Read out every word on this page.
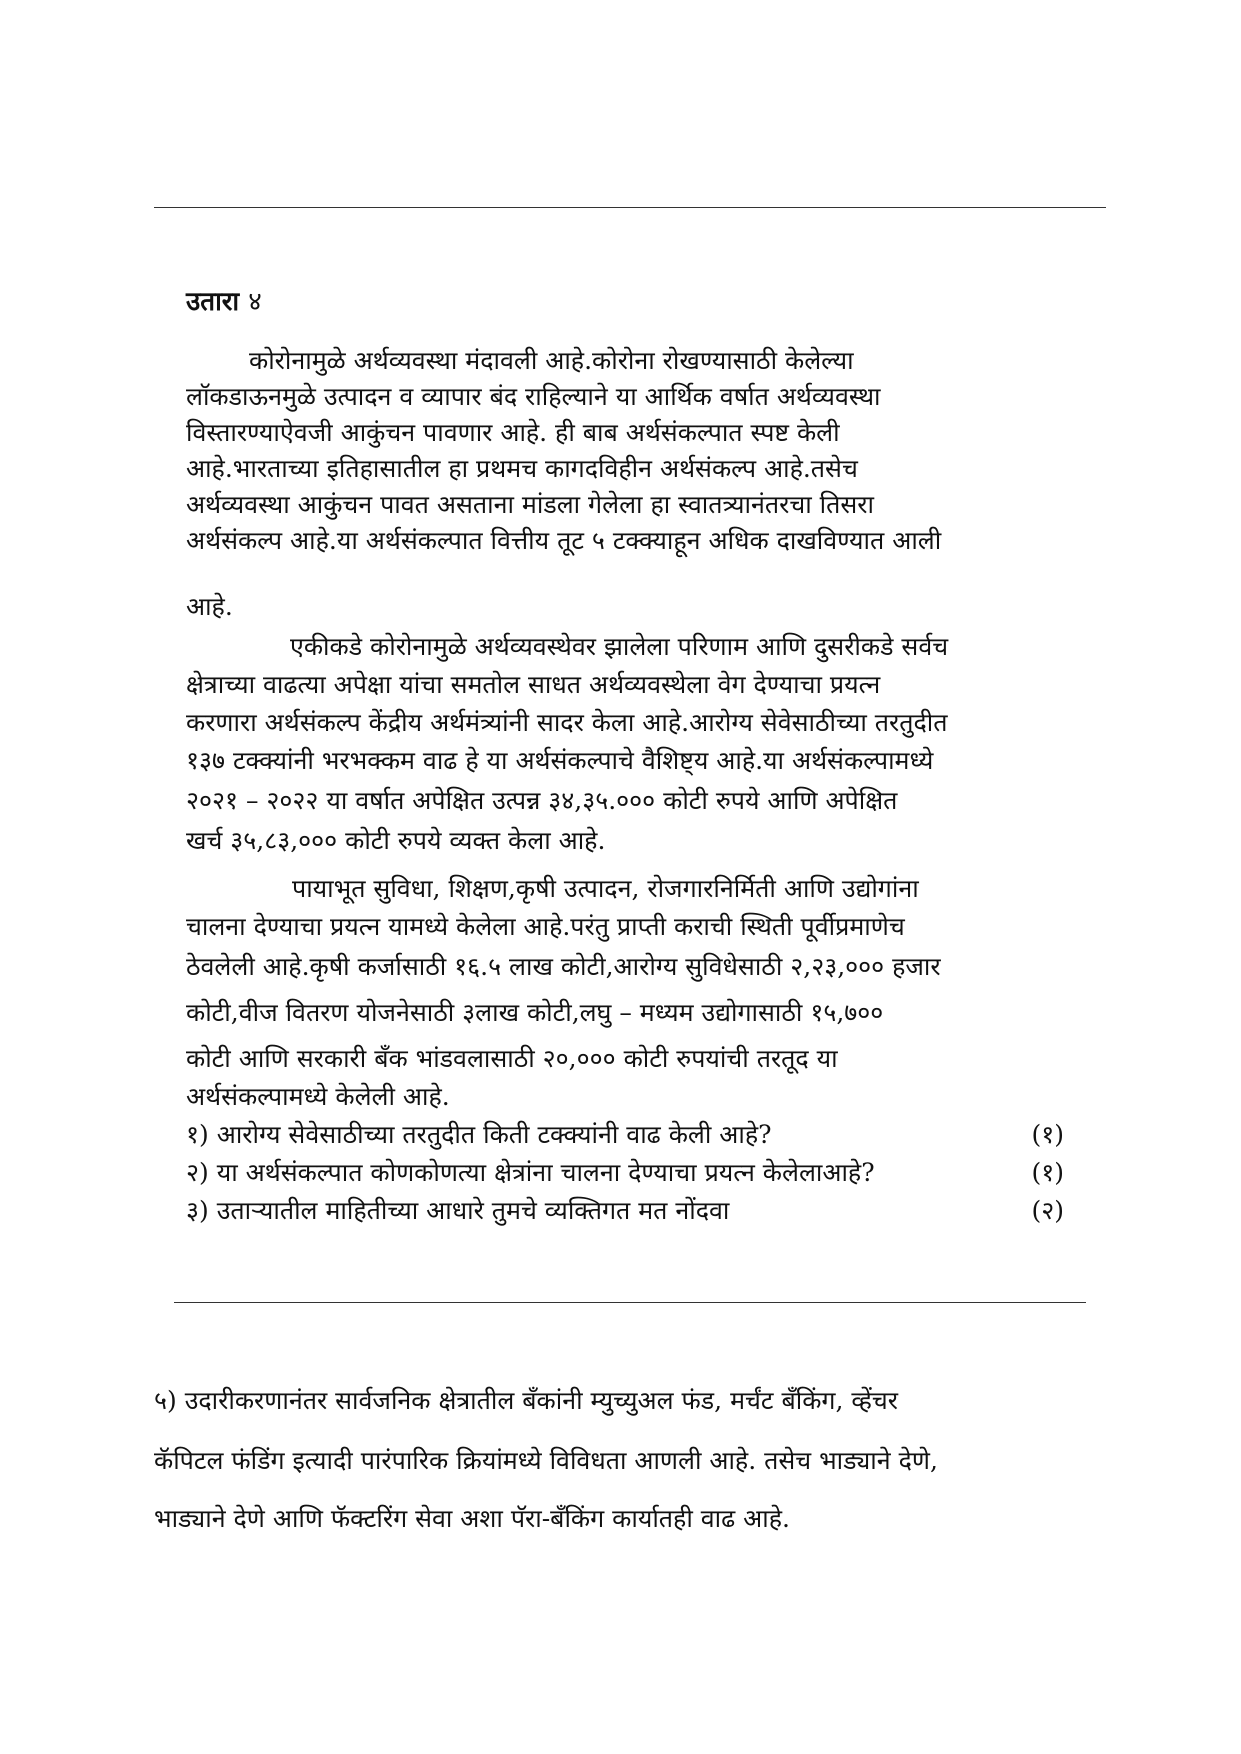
उतारा ४
कोरोनामुळे अर्थव्यवस्था मंदावली आहे.कोरोना रोखण्यासाठी केलेल्या
लॉकडाऊनमुळे उत्पादन व व्यापार बंद राहिल्याने या आर्थिक वर्षात अर्थव्यवस्था
विस्तारण्याऐवजी आकुंचन पावणार आहे. ही बाब अर्थसंकल्पात स्पष्ट केली
आहे.भारताच्या इतिहासातील हा प्रथमच कागदविहीन अर्थसंकल्प आहे.तसेच
अर्थव्यवस्था आकुंचन पावत असताना मांडला गेलेला हा स्वातत्र्यानंतरचा तिसरा
अर्थसंकल्प आहे.या अर्थसंकल्पात वित्तीय तूट ५ टक्क्याहून अधिक दाखविण्यात आली
आहे.
एकीकडे कोरोनामुळे अर्थव्यवस्थेवर झालेला परिणाम आणि दुसरीकडे सर्वच
क्षेत्राच्या वाढत्या अपेक्षा यांचा समतोल साधत अर्थव्यवस्थेला वेग देण्याचा प्रयत्न
करणारा अर्थसंकल्प केंद्रीय अर्थमंत्र्यांनी सादर केला आहे.आरोग्य सेवेसाठीच्या तरतुदीत
१३७ टक्क्यांनी भरभक्कम वाढ हे या अर्थसंकल्पाचे वैशिष्ट्य आहे.या अर्थसंकल्पामध्ये
२०२१ – २०२२ या वर्षात अपेक्षित उत्पन्न ३४,३५.००० कोटी रुपये आणि अपेक्षित
खर्च ३५,८३,००० कोटी रुपये व्यक्त केला आहे.
पायाभूत सुविधा, शिक्षण,कृषी उत्पादन, रोजगारनिर्मिती आणि उद्योगांना
चालना देण्याचा प्रयत्न यामध्ये केलेला आहे.परंतु प्राप्ती कराची स्थिती पूर्वीप्रमाणेच
ठेवलेली आहे.कृषी कर्जासाठी १६.५ लाख कोटी,आरोग्य सुविधेसाठी २,२३,००० हजार
कोटी,वीज वितरण योजनेसाठी ३लाख कोटी,लघु – मध्यम उद्योगासाठी १५,७००
कोटी आणि सरकारी बँक भांडवलासाठी २०,००० कोटी रुपयांची तरतूद या
अर्थसंकल्पामध्ये केलेली आहे.
१) आरोग्य सेवेसाठीच्या तरतुदीत किती टक्क्यांनी वाढ केली आहे?	(१)
२) या अर्थसंकल्पात कोणकोणत्या क्षेत्रांना चालना देण्याचा प्रयत्न केलेलाआहे?	(१)
३) उताऱ्यातील माहितीच्या आधारे तुमचे व्यक्तिगत मत नोंदवा	(२)
५) उदारीकरणानंतर सार्वजनिक क्षेत्रातील बँकांनी म्युच्युअल फंड, मर्चंट बँकिंग, व्हेंचर
कॅपिटल फंडिंग इत्यादी पारंपारिक क्रियांमध्ये विविधता आणली आहे. तसेच भाड्याने देणे,
भाड्याने देणे आणि फॅक्टरिंग सेवा अशा पॅरा-बँकिंग कार्यातही वाढ आहे.
